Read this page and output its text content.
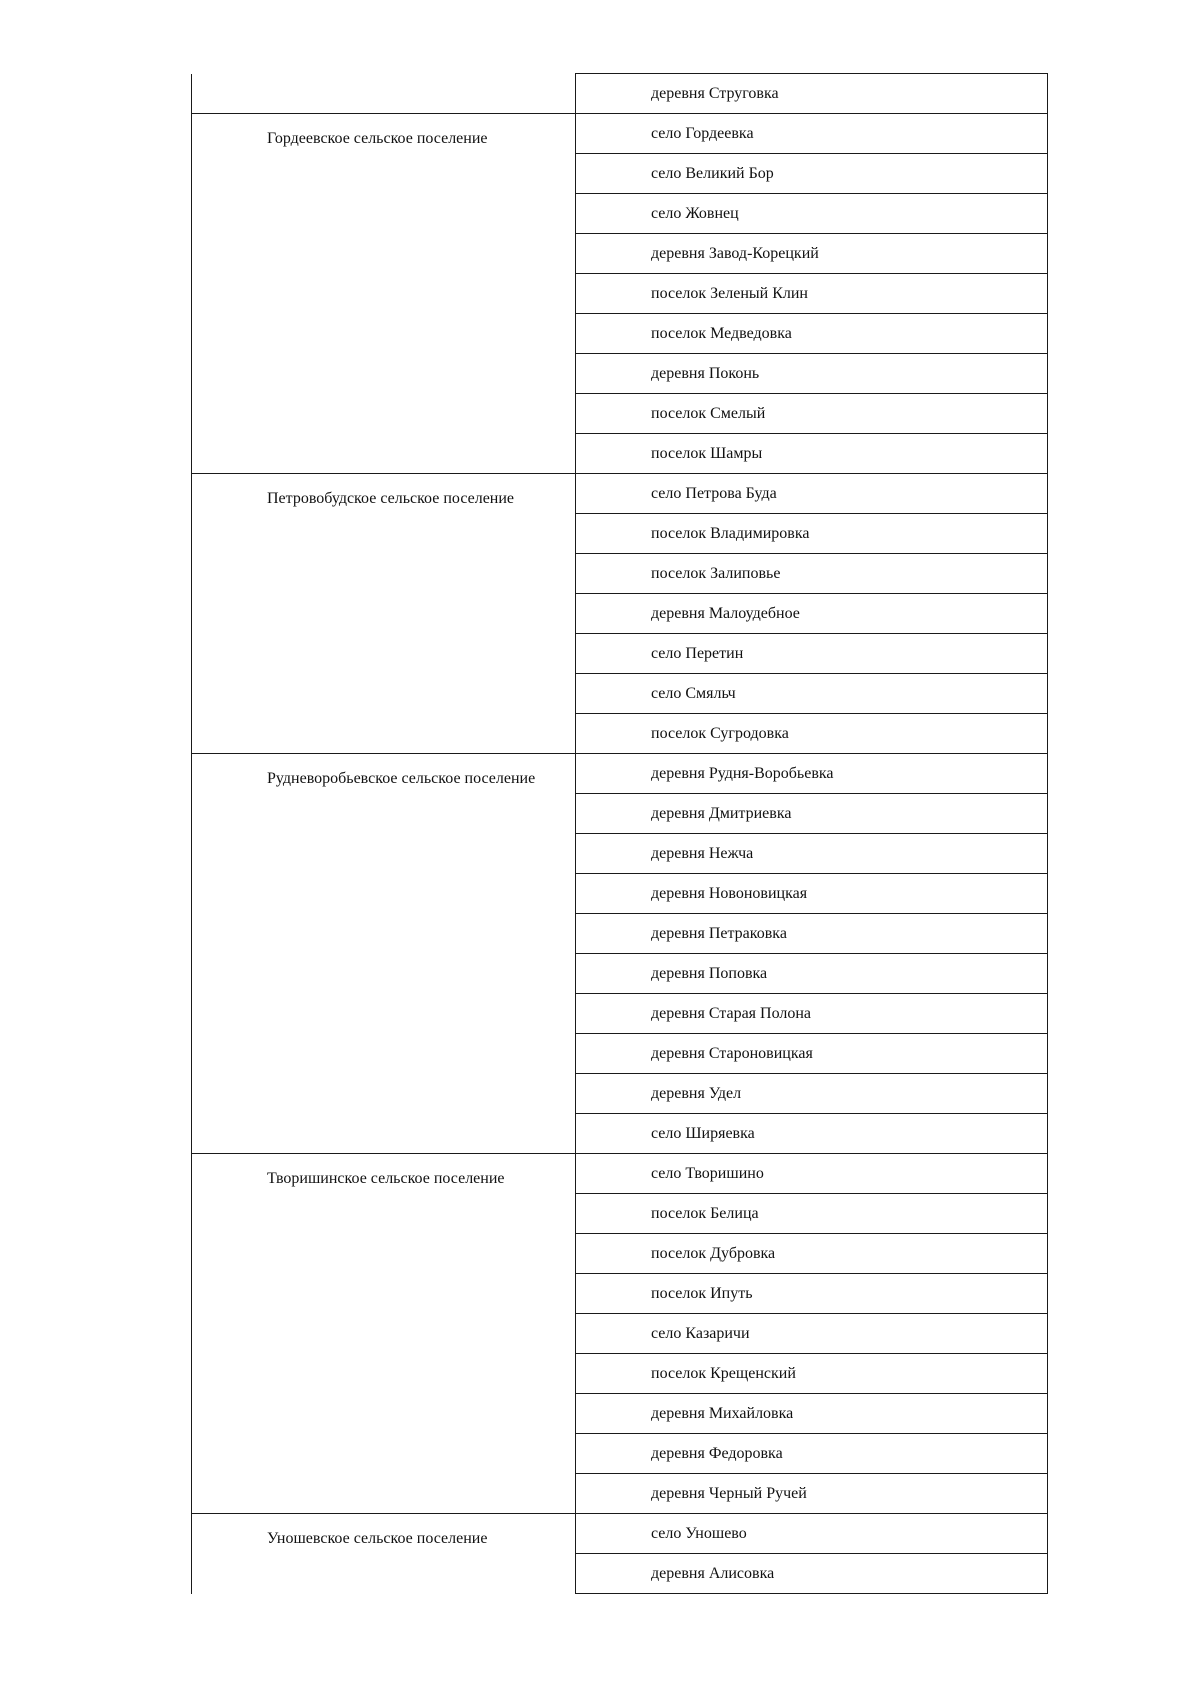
	деревня Струговка
Гордеевское сельское поселение	село Гордеевка
	село Великий Бор
	село Жовнец
	деревня Завод-Корецкий
	поселок Зеленый Клин
	поселок Медведовка
	деревня Поконь
	поселок Смелый
	поселок Шамры
Петровобудское сельское поселение	село Петрова Буда
	поселок Владимировка
	поселок Залиповье
	деревня Малоудебное
	село Перетин
	село Смяльч
	поселок Сугродовка
Рудневоробьевское сельское поселение	деревня Рудня-Воробьевка
	деревня Дмитриевка
	деревня Нежча
	деревня Новоновицкая
	деревня Петраковка
	деревня Поповка
	деревня Старая Полона
	деревня Староновицкая
	деревня Удел
	село Ширяевка
Творишинское сельское поселение	село Творишино
	поселок Белица
	поселок Дубровка
	поселок Ипуть
	село Казаричи
	поселок Крещенский
	деревня Михайловка
	деревня Федоровка
	деревня Черный Ручей
Уношевское сельское поселение	село Уношево
	деревня Алисовка
